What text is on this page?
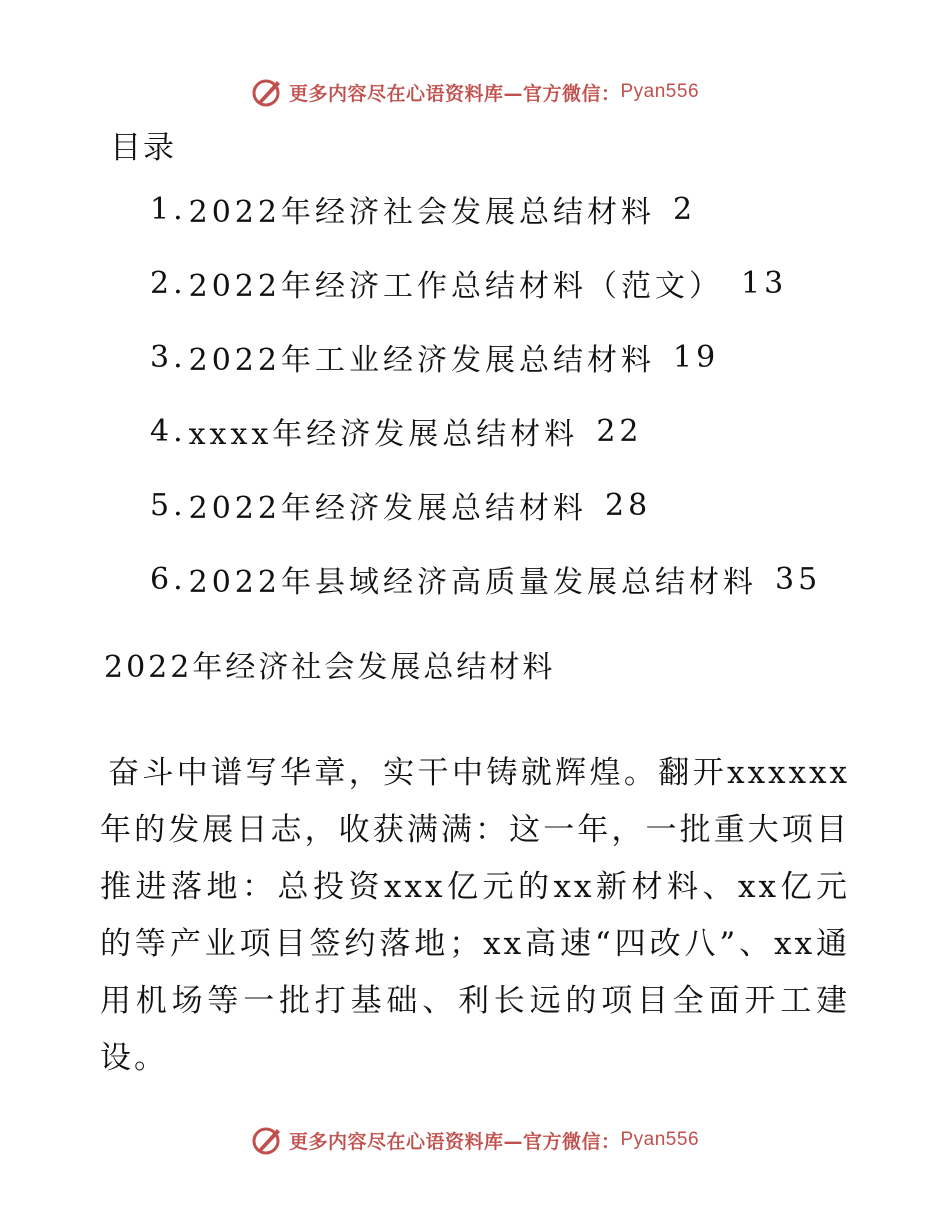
更多内容尽在心语资料库—官方微信： Pyan556
目录
1. 2022年经济社会发展总结材料 2
2. 2022年经济工作总结材料（范文） 13
3. 2022年工业经济发展总结材料 19
4. xxxx年经济发展总结材料 22
5. 2022年经济发展总结材料 28
6. 2022年县域经济高质量发展总结材料 35
2022年经济社会发展总结材料

奋斗中谱写华章，实干中铸就辉煌。翻开xxxxxx年的发展日志，收获满满：这一年，一批重大项目推进落地：总投资xxx亿元的xx新材料、xx亿元的等产业项目签约落地；xx高速“四改八”、xx通用机场等一批打基础、利长远的项目全面开工建设。

更多内容尽在心语资料库—官方微信： Pyan556
